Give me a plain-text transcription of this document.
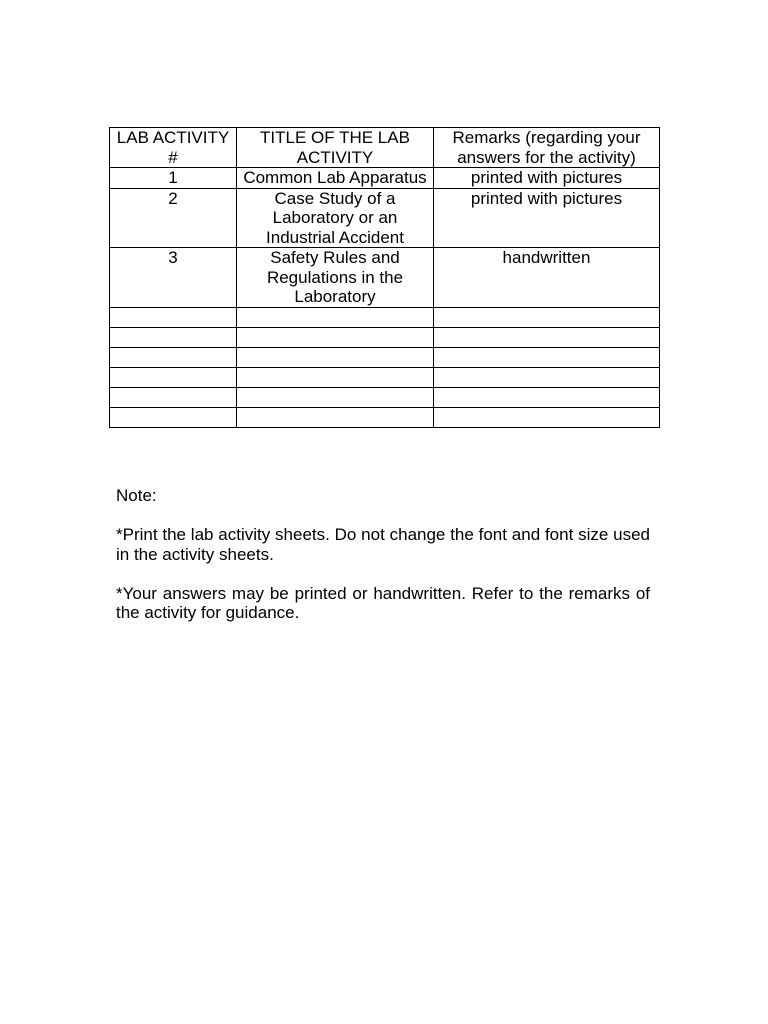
LAB ACTIVITY #	TITLE OF THE LAB ACTIVITY	Remarks (regarding your answers for the activity)
1	Common Lab Apparatus	printed with pictures
2	Case Study of a Laboratory or an Industrial Accident	printed with pictures
3	Safety Rules and Regulations in the Laboratory	handwritten

Note:

*Print the lab activity sheets. Do not change the font and font size used in the activity sheets.

*Your answers may be printed or handwritten. Refer to the remarks of the activity for guidance.
